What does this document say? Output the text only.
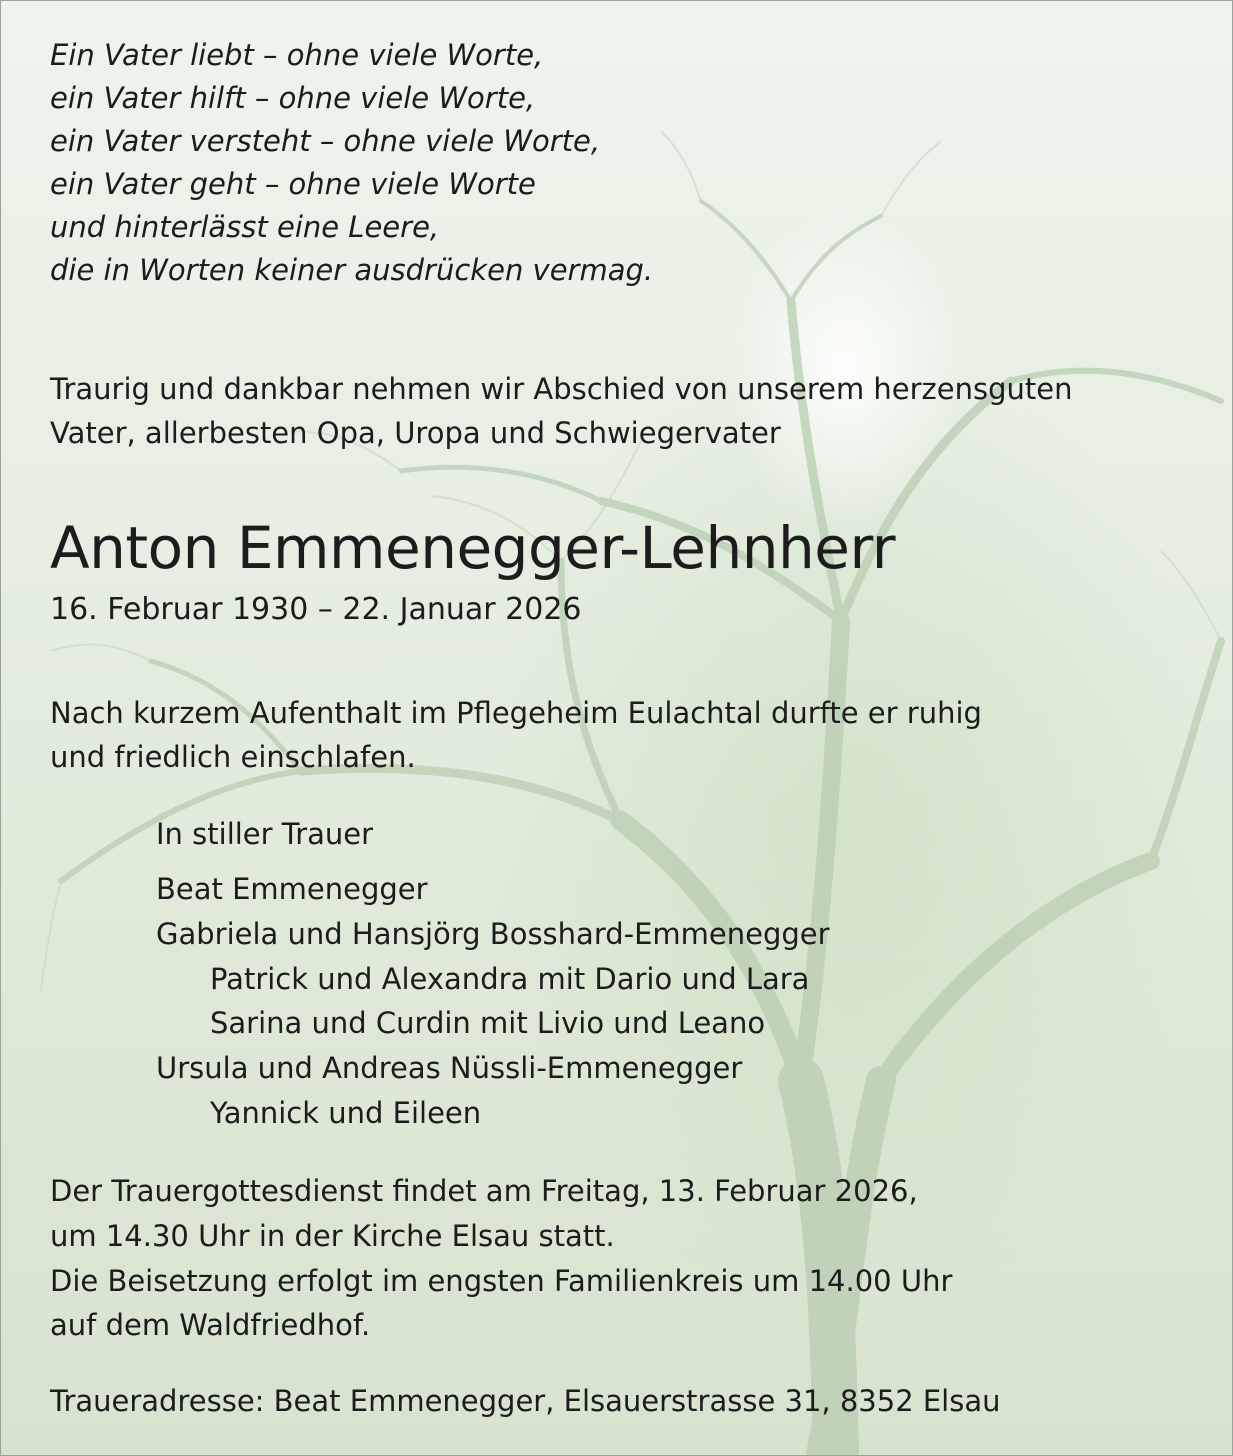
Ein Vater liebt – ohne viele Worte,
ein Vater hilft – ohne viele Worte,
ein Vater versteht – ohne viele Worte,
ein Vater geht – ohne viele Worte
und hinterlässt eine Leere,
die in Worten keiner ausdrücken vermag.
Traurig und dankbar nehmen wir Abschied von unserem herzensguten
Vater, allerbesten Opa, Uropa und Schwiegervater
Anton Emmenegger-Lehnherr
16. Februar 1930 – 22. Januar 2026
Nach kurzem Aufenthalt im Pflegeheim Eulachtal durfte er ruhig
und friedlich einschlafen.
In stiller Trauer
Beat Emmenegger
Gabriela und Hansjörg Bosshard-Emmenegger
Patrick und Alexandra mit Dario und Lara
Sarina und Curdin mit Livio und Leano
Ursula und Andreas Nüssli-Emmenegger
Yannick und Eileen
Der Trauergottesdienst findet am Freitag, 13. Februar 2026,
um 14.30 Uhr in der Kirche Elsau statt.
Die Beisetzung erfolgt im engsten Familienkreis um 14.00 Uhr
auf dem Waldfriedhof.
Traueradresse: Beat Emmenegger, Elsauerstrasse 31, 8352 Elsau
